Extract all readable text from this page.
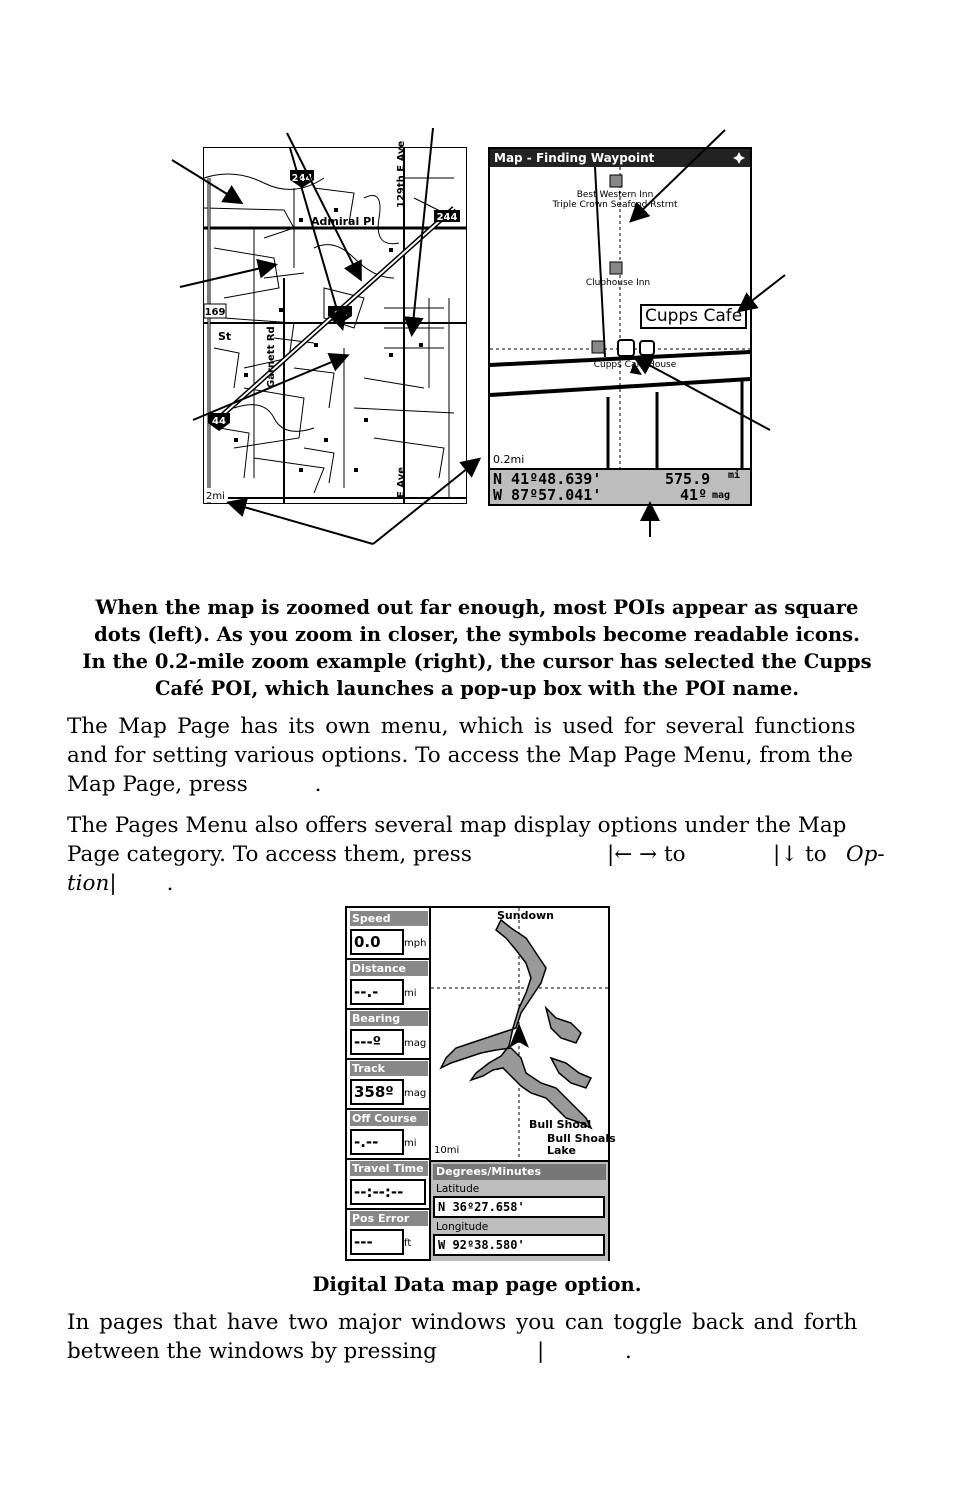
244
244
44
44
169
Admiral Pl
129th E Ave
St	Garnett Rd
E Ave
2mi
Map - Finding Waypoint
Best Western Inn
Triple Crown Seafood Rstrnt
Clubhouse Inn
Cupps Cafe House
0.2mi
Cupps Cafe
N 41º48.639'
W 87º57.041'
575.9 mi
41º mag
When the map is zoomed out far enough, most POIs appear as square
dots (left). As you zoom in closer, the symbols become readable icons.
In the 0.2-mile zoom example (right), the cursor has selected the Cupps
Café POI, which launches a pop-up box with the POI name.
The Map Page has its own menu, which is used for several functions
and for setting various options. To access the Map Page Menu, from the
Map Page, press	.
The Pages Menu also offers several map display options under the Map
Page category. To access them, press	|← → to	|↓ to Op-
tion| .
Speed
0.0	mph
Distance
--.-	mi
Bearing
---º	mag
Track
358º	mag
Off Course
-.--	mi
Travel Time
--:--:--
Pos Error
---	ft
Sundown
Bull Shoal
Bull Shoals
Lake
10mi
Degrees/Minutes
Latitude
N 36º27.658'
Longitude
W 92º38.580'
Digital Data map page option.
In pages that have two major windows you can toggle back and forth
between the windows by pressing	|	.
